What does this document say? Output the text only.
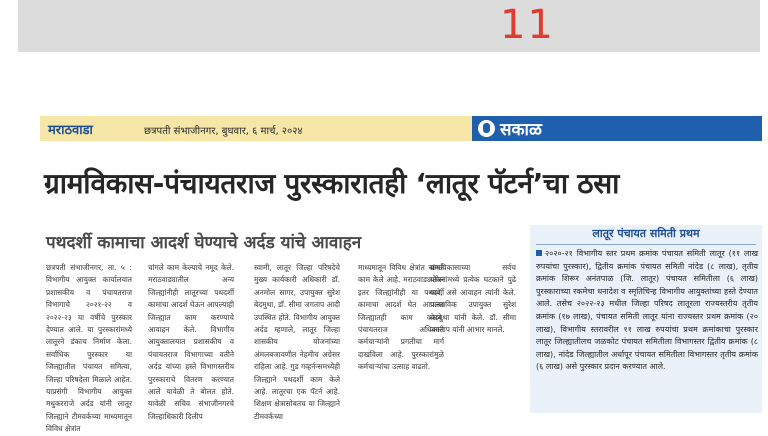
11
मराठवाडा	छत्रपती संभाजीनगर, बुधवार, ६ मार्च, २०२४	सकाळ
ग्रामविकास-पंचायतराज पुरस्कारातही ‘लातूर पॅटर्न’चा ठसा
पथदर्शी कामाचा आदर्श घेण्याचे अर्दड यांचे आवाहन
छत्रपती संभाजीनगर, ता. ५ : विभागीय आयुक्त कार्यालयात प्रशासकीय व पंचायतराज विभागाचे २०२१-२२ व २०२२-२३ या वर्षीचे पुरस्कार देण्यात आले. या पुरस्कारांमध्ये लातूरने डंकाच निर्माण केला. सर्वाधिक पुरस्कार या जिल्ह्यातील पंचायत समित्या, जिल्हा परिषदेला मिळाले आहेत. याप्रसंगी विभागीय आयुक्त मधुकरराजे अर्दड यांनी लातूर जिल्ह्याने टीमवर्कच्या माध्यमातून विविध क्षेत्रांत
चांगले काम केल्याचे नमूद केले. मराठवाड्यातील अन्य जिल्ह्यांनीही लातूरच्या पथदर्शी कामाचा आदर्श घेऊन आपल्याही जिल्ह्यात काम करण्याचे आवाहन केले. विभागीय आयुक्तालयात प्रशासकीय व पंचायतराज विभागाच्या वतीने अर्दड यांच्या हस्ते विभागस्तरीय पुरस्काराचे वितरण करण्यात आले यावेळी ते बोलत होते. यावेळी सचिव संभाजीनगरचे जिल्हाधिकारी दिलीप
स्वामी, लातूर जिल्हा परिषदेचे मुख्य कार्यकारी अधिकारी डॉ. अनमोल सागर, उपायुक्त सुरेश बेदमुथा, डॉ. सीमा जगताप आदी उपस्थित होते. विभागीय आयुक्त अर्दड म्हणाले, लातूर जिल्हा शासकीय योजनांच्या अंमलबजावणीत नेहमीच अग्रेसर राहिला आहे. गुड गव्हर्नन्समध्येही जिल्ह्याने पथदर्शी काम केले आहे. लातूरचा एक पॅटर्न आहे. शिक्षण क्षेत्रासोबतच या जिल्ह्याने टीमवर्कच्या
माध्यमातून विविध क्षेत्रांत चांगले काम केले आहे. मराठवाड्यातील इतर जिल्ह्यांनीही या पथदर्शी कामाचा आदर्श घेत आपल्या जिल्ह्यातही काम करावे. पंचायतराज अधिकारी कर्मचाऱ्यांनी प्रगतीचा मार्ग दाखविला आहे. पुरस्कारांमुळे कर्मचाऱ्यांचा उत्साह वाढतो.
ग्रामविकासाच्या सर्वच योजनांमध्ये प्रत्येक घटकाने पुढे यावे, असे आवाहन त्यांनी केले. प्रास्ताविक उपायुक्त सुरेश बेदमुथा यांनी केले. डॉ. सीमा जगताप यांनी आभार मानले.
लातूर पंचायत समिती प्रथम
२०२०-२१ विभागीय स्तर प्रथम क्रमांक पंचायत समिती लातूर (११ लाख रुपयांचा पुरस्कार), द्वितीय क्रमांक पंचायत समिती नांदेड (८ लाख), तृतीय क्रमांक शिरूर अनंतपाळ (जि. लातूर) पंचायत समितीला (६ लाख) पुरस्काराच्या रकमेचा धनादेश व स्मृतिचिन्ह विभागीय आयुक्तांच्या हस्ते देण्यात आले. तसेच २०२२-२३ मधील जिल्हा परिषद लातूरला राज्यस्तरीय तृतीय क्रमांक (१७ लाख), पंचायत समिती लातूर यांना राज्यस्तर प्रथम क्रमांक (२० लाख), विभागीय स्तरावरील ११ लाख रुपयांचा प्रथम क्रमांकाचा पुरस्कार लातूर जिल्ह्यातीलच जळकोट पंचायत समितीला विभागस्तर द्वितीय क्रमांक (८ लाख), नांदेड जिल्ह्यातील अर्धापूर पंचायत समितीला विभागस्तर तृतीय क्रमांक (६ लाख) असे पुरस्कार प्रदान करण्यात आले.
